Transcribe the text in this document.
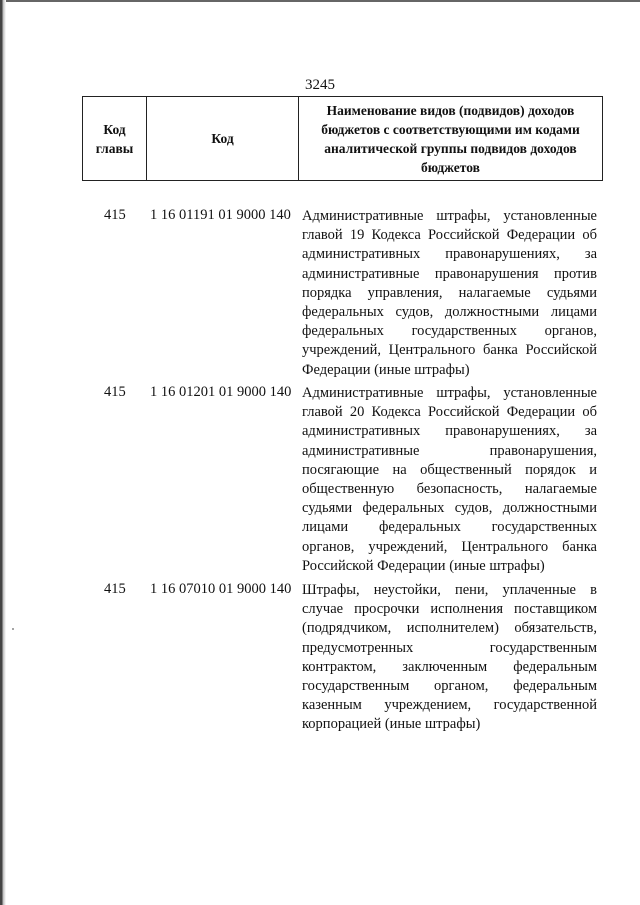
3245
Код
главы
Код
Наименование видов (подвидов) доходов бюджетов с соответствующими им кодами аналитической группы подвидов доходов бюджетов
415 1 16 01191 01 9000 140 Административные штрафы, установленные главой 19 Кодекса Российской Федерации об административных правонарушениях, за административные правонарушения против порядка управления, налагаемые судьями федеральных судов, должностными лицами федеральных государственных органов, учреждений, Центрального банка Российской Федерации (иные штрафы)
415 1 16 01201 01 9000 140 Административные штрафы, установленные главой 20 Кодекса Российской Федерации об административных правонарушениях, за административные правонарушения, посягающие на общественный порядок и общественную безопасность, налагаемые судьями федеральных судов, должностными лицами федеральных государственных органов, учреждений, Центрального банка Российской Федерации (иные штрафы)
415 1 16 07010 01 9000 140 Штрафы, неустойки, пени, уплаченные в случае просрочки исполнения поставщиком (подрядчиком, исполнителем) обязательств, предусмотренных государственным контрактом, заключенным федеральным государственным органом, федеральным казенным учреждением, государственной корпорацией (иные штрафы)
